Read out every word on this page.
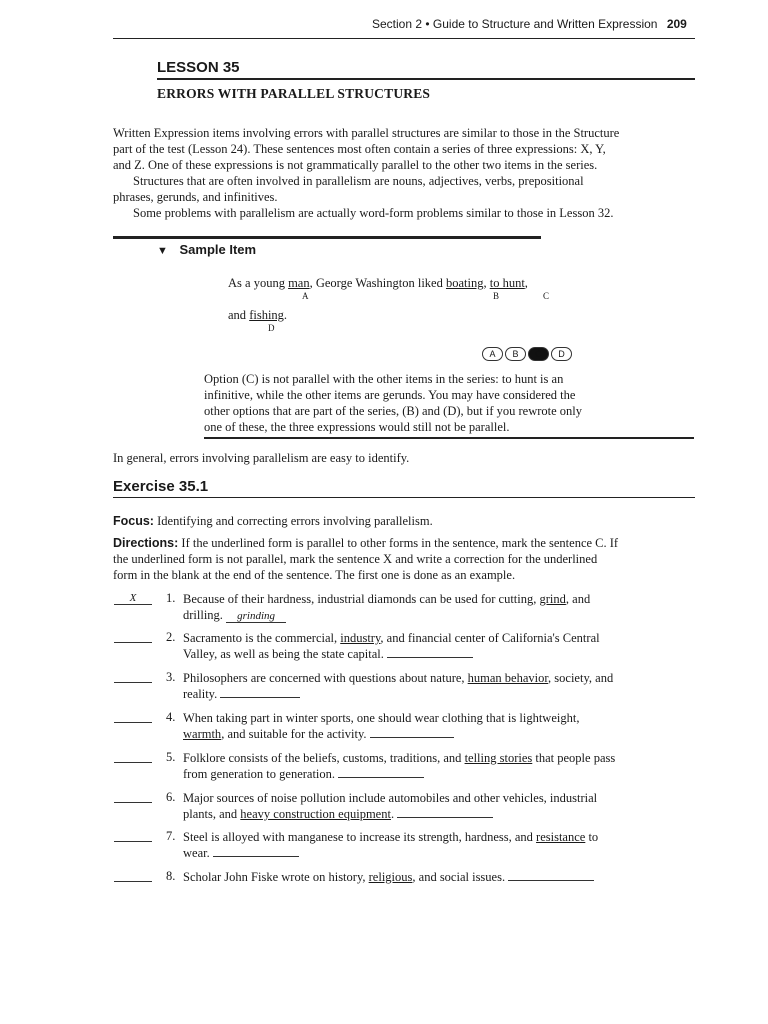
Section 2 • Guide to Structure and Written Expression 209
LESSON 35
ERRORS WITH PARALLEL STRUCTURES
Written Expression items involving errors with parallel structures are similar to those in the Structure
part of the test (Lesson 24). These sentences most often contain a series of three expressions: X, Y,
and Z. One of these expressions is not grammatically parallel to the other two items in the series.
Structures that are often involved in parallelism are nouns, adjectives, verbs, prepositional
phrases, gerunds, and infinitives.
Some problems with parallelism are actually word-form problems similar to those in Lesson 32.
▼ Sample Item
As a young man, George Washington liked boating, to hunt,
A	B	C
and fishing.
D
A B C D
Option (C) is not parallel with the other items in the series: to hunt is an
infinitive, while the other items are gerunds. You may have considered the
other options that are part of the series, (B) and (D), but if you rewrote only
one of these, the three expressions would still not be parallel.
In general, errors involving parallelism are easy to identify.
Exercise 35.1
Focus: Identifying and correcting errors involving parallelism.
Directions: If the underlined form is parallel to other forms in the sentence, mark the sentence C. If
the underlined form is not parallel, mark the sentence X and write a correction for the underlined
form in the blank at the end of the sentence. The first one is done as an example.
X	1. Because of their hardness, industrial diamonds can be used for cutting, grind, and
drilling. grinding
2. Sacramento is the commercial, industry, and financial center of California's Central
Valley, as well as being the state capital.
3. Philosophers are concerned with questions about nature, human behavior, society, and
reality.
4. When taking part in winter sports, one should wear clothing that is lightweight,
warmth, and suitable for the activity.
5. Folklore consists of the beliefs, customs, traditions, and telling stories that people pass
from generation to generation.
6. Major sources of noise pollution include automobiles and other vehicles, industrial
plants, and heavy construction equipment.
7. Steel is alloyed with manganese to increase its strength, hardness, and resistance to
wear.
8. Scholar John Fiske wrote on history, religious, and social issues.
